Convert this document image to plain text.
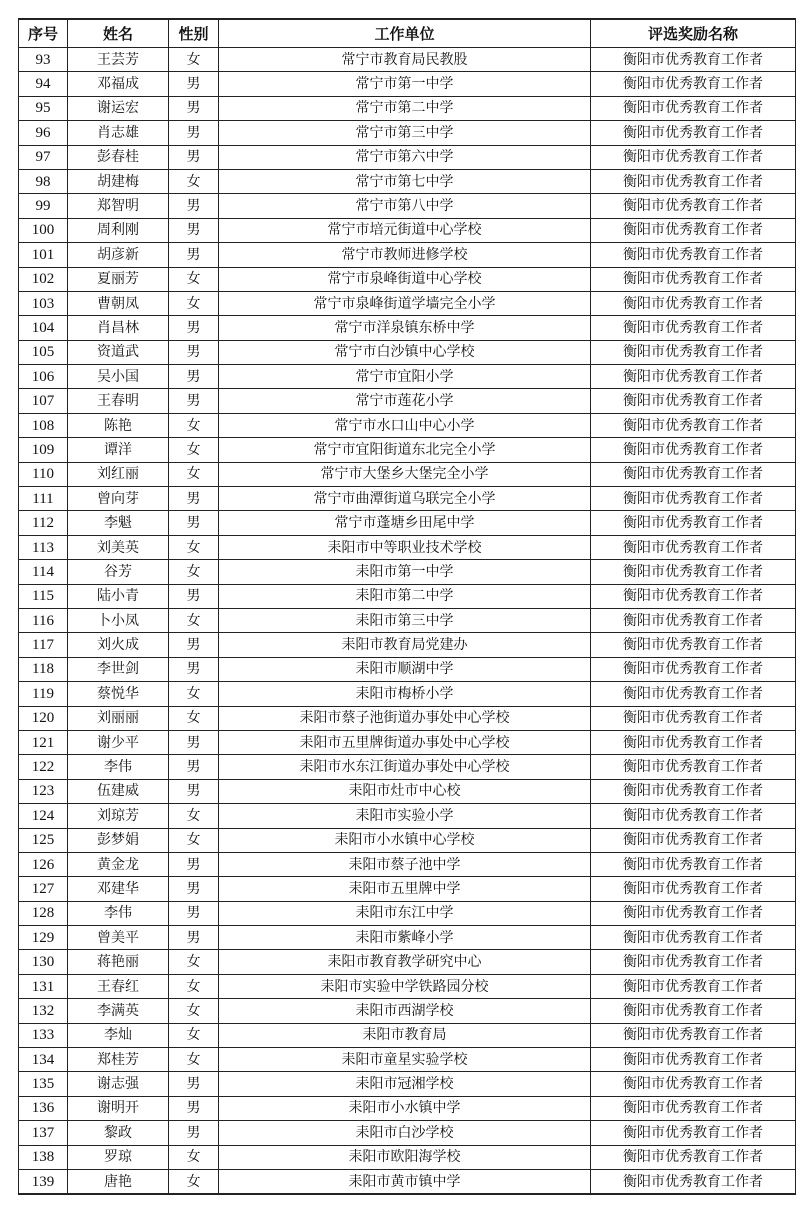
序号	姓名	性别	工作单位	评选奖励名称
93	王芸芳	女	常宁市教育局民教股	衡阳市优秀教育工作者
94	邓福成	男	常宁市第一中学	衡阳市优秀教育工作者
95	谢运宏	男	常宁市第二中学	衡阳市优秀教育工作者
96	肖志雄	男	常宁市第三中学	衡阳市优秀教育工作者
97	彭春桂	男	常宁市第六中学	衡阳市优秀教育工作者
98	胡建梅	女	常宁市第七中学	衡阳市优秀教育工作者
99	郑智明	男	常宁市第八中学	衡阳市优秀教育工作者
100	周利刚	男	常宁市培元街道中心学校	衡阳市优秀教育工作者
101	胡彦新	男	常宁市教师进修学校	衡阳市优秀教育工作者
102	夏丽芳	女	常宁市泉峰街道中心学校	衡阳市优秀教育工作者
103	曹朝凤	女	常宁市泉峰街道学墙完全小学	衡阳市优秀教育工作者
104	肖昌林	男	常宁市洋泉镇东桥中学	衡阳市优秀教育工作者
105	资道武	男	常宁市白沙镇中心学校	衡阳市优秀教育工作者
106	吴小国	男	常宁市宜阳小学	衡阳市优秀教育工作者
107	王春明	男	常宁市莲花小学	衡阳市优秀教育工作者
108	陈艳	女	常宁市水口山中心小学	衡阳市优秀教育工作者
109	谭洋	女	常宁市宜阳街道东北完全小学	衡阳市优秀教育工作者
110	刘红丽	女	常宁市大堡乡大堡完全小学	衡阳市优秀教育工作者
111	曾向芽	男	常宁市曲潭街道乌联完全小学	衡阳市优秀教育工作者
112	李魁	男	常宁市蓬塘乡田尾中学	衡阳市优秀教育工作者
113	刘美英	女	耒阳市中等职业技术学校	衡阳市优秀教育工作者
114	谷芳	女	耒阳市第一中学	衡阳市优秀教育工作者
115	陆小青	男	耒阳市第二中学	衡阳市优秀教育工作者
116	卜小凤	女	耒阳市第三中学	衡阳市优秀教育工作者
117	刘火成	男	耒阳市教育局党建办	衡阳市优秀教育工作者
118	李世剑	男	耒阳市顺湖中学	衡阳市优秀教育工作者
119	蔡悦华	女	耒阳市梅桥小学	衡阳市优秀教育工作者
120	刘丽丽	女	耒阳市蔡子池街道办事处中心学校	衡阳市优秀教育工作者
121	谢少平	男	耒阳市五里牌街道办事处中心学校	衡阳市优秀教育工作者
122	李伟	男	耒阳市水东江街道办事处中心学校	衡阳市优秀教育工作者
123	伍建威	男	耒阳市灶市中心校	衡阳市优秀教育工作者
124	刘琼芳	女	耒阳市实验小学	衡阳市优秀教育工作者
125	彭梦娟	女	耒阳市小水镇中心学校	衡阳市优秀教育工作者
126	黄金龙	男	耒阳市蔡子池中学	衡阳市优秀教育工作者
127	邓建华	男	耒阳市五里牌中学	衡阳市优秀教育工作者
128	李伟	男	耒阳市东江中学	衡阳市优秀教育工作者
129	曾美平	男	耒阳市紫峰小学	衡阳市优秀教育工作者
130	蒋艳丽	女	耒阳市教育教学研究中心	衡阳市优秀教育工作者
131	王春红	女	耒阳市实验中学铁路园分校	衡阳市优秀教育工作者
132	李满英	女	耒阳市西湖学校	衡阳市优秀教育工作者
133	李灿	女	耒阳市教育局	衡阳市优秀教育工作者
134	郑桂芳	女	耒阳市童星实验学校	衡阳市优秀教育工作者
135	谢志强	男	耒阳市冠湘学校	衡阳市优秀教育工作者
136	谢明开	男	耒阳市小水镇中学	衡阳市优秀教育工作者
137	黎政	男	耒阳市白沙学校	衡阳市优秀教育工作者
138	罗琼	女	耒阳市欧阳海学校	衡阳市优秀教育工作者
139	唐艳	女	耒阳市黄市镇中学	衡阳市优秀教育工作者
